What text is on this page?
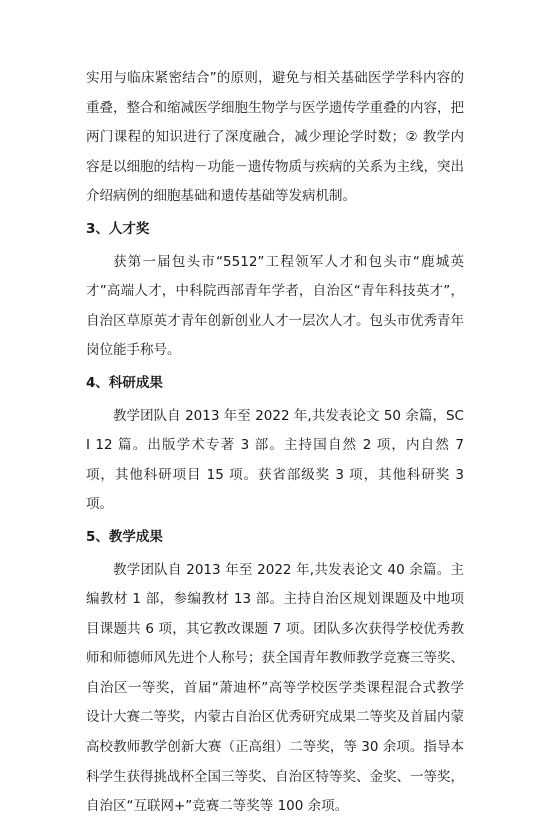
实用与临床紧密结合”的原则，避免与相关基础医学学科内容的重叠，整合和缩减医学细胞生物学与医学遗传学重叠的内容，把两门课程的知识进行了深度融合，减少理论学时数；② 教学内容是以细胞的结构－功能－遗传物质与疾病的关系为主线，突出介绍病例的细胞基础和遗传基础等发病机制。

3、人才奖

获第一届包头市“5512”工程领军人才和包头市“鹿城英才”高端人才，中科院西部青年学者，自治区“青年科技英才”，自治区草原英才青年创新创业人才一层次人才。包头市优秀青年岗位能手称号。

4、科研成果

教学团队自 2013 年至 2022 年,共发表论文 50 余篇，SCI 12 篇。出版学术专著 3 部。主持国自然 2 项，内自然 7 项，其他科研项目 15 项。获省部级奖 3 项，其他科研奖 3 项。

5、教学成果

教学团队自 2013 年至 2022 年,共发表论文 40 余篇。主编教材 1 部，参编教材 13 部。主持自治区规划课题及中地项目课题共 6 项，其它教改课题 7 项。团队多次获得学校优秀教师和师德师风先进个人称号；获全国青年教师教学竞赛三等奖、自治区一等奖，首届“萧迪杯”高等学校医学类课程混合式教学设计大赛二等奖，内蒙古自治区优秀研究成果二等奖及首届内蒙高校教师教学创新大赛（正高组）二等奖，等 30 余项。指导本科学生获得挑战杯全国三等奖、自治区特等奖、金奖、一等奖，自治区“互联网+”竞赛二等奖等 100 余项。
